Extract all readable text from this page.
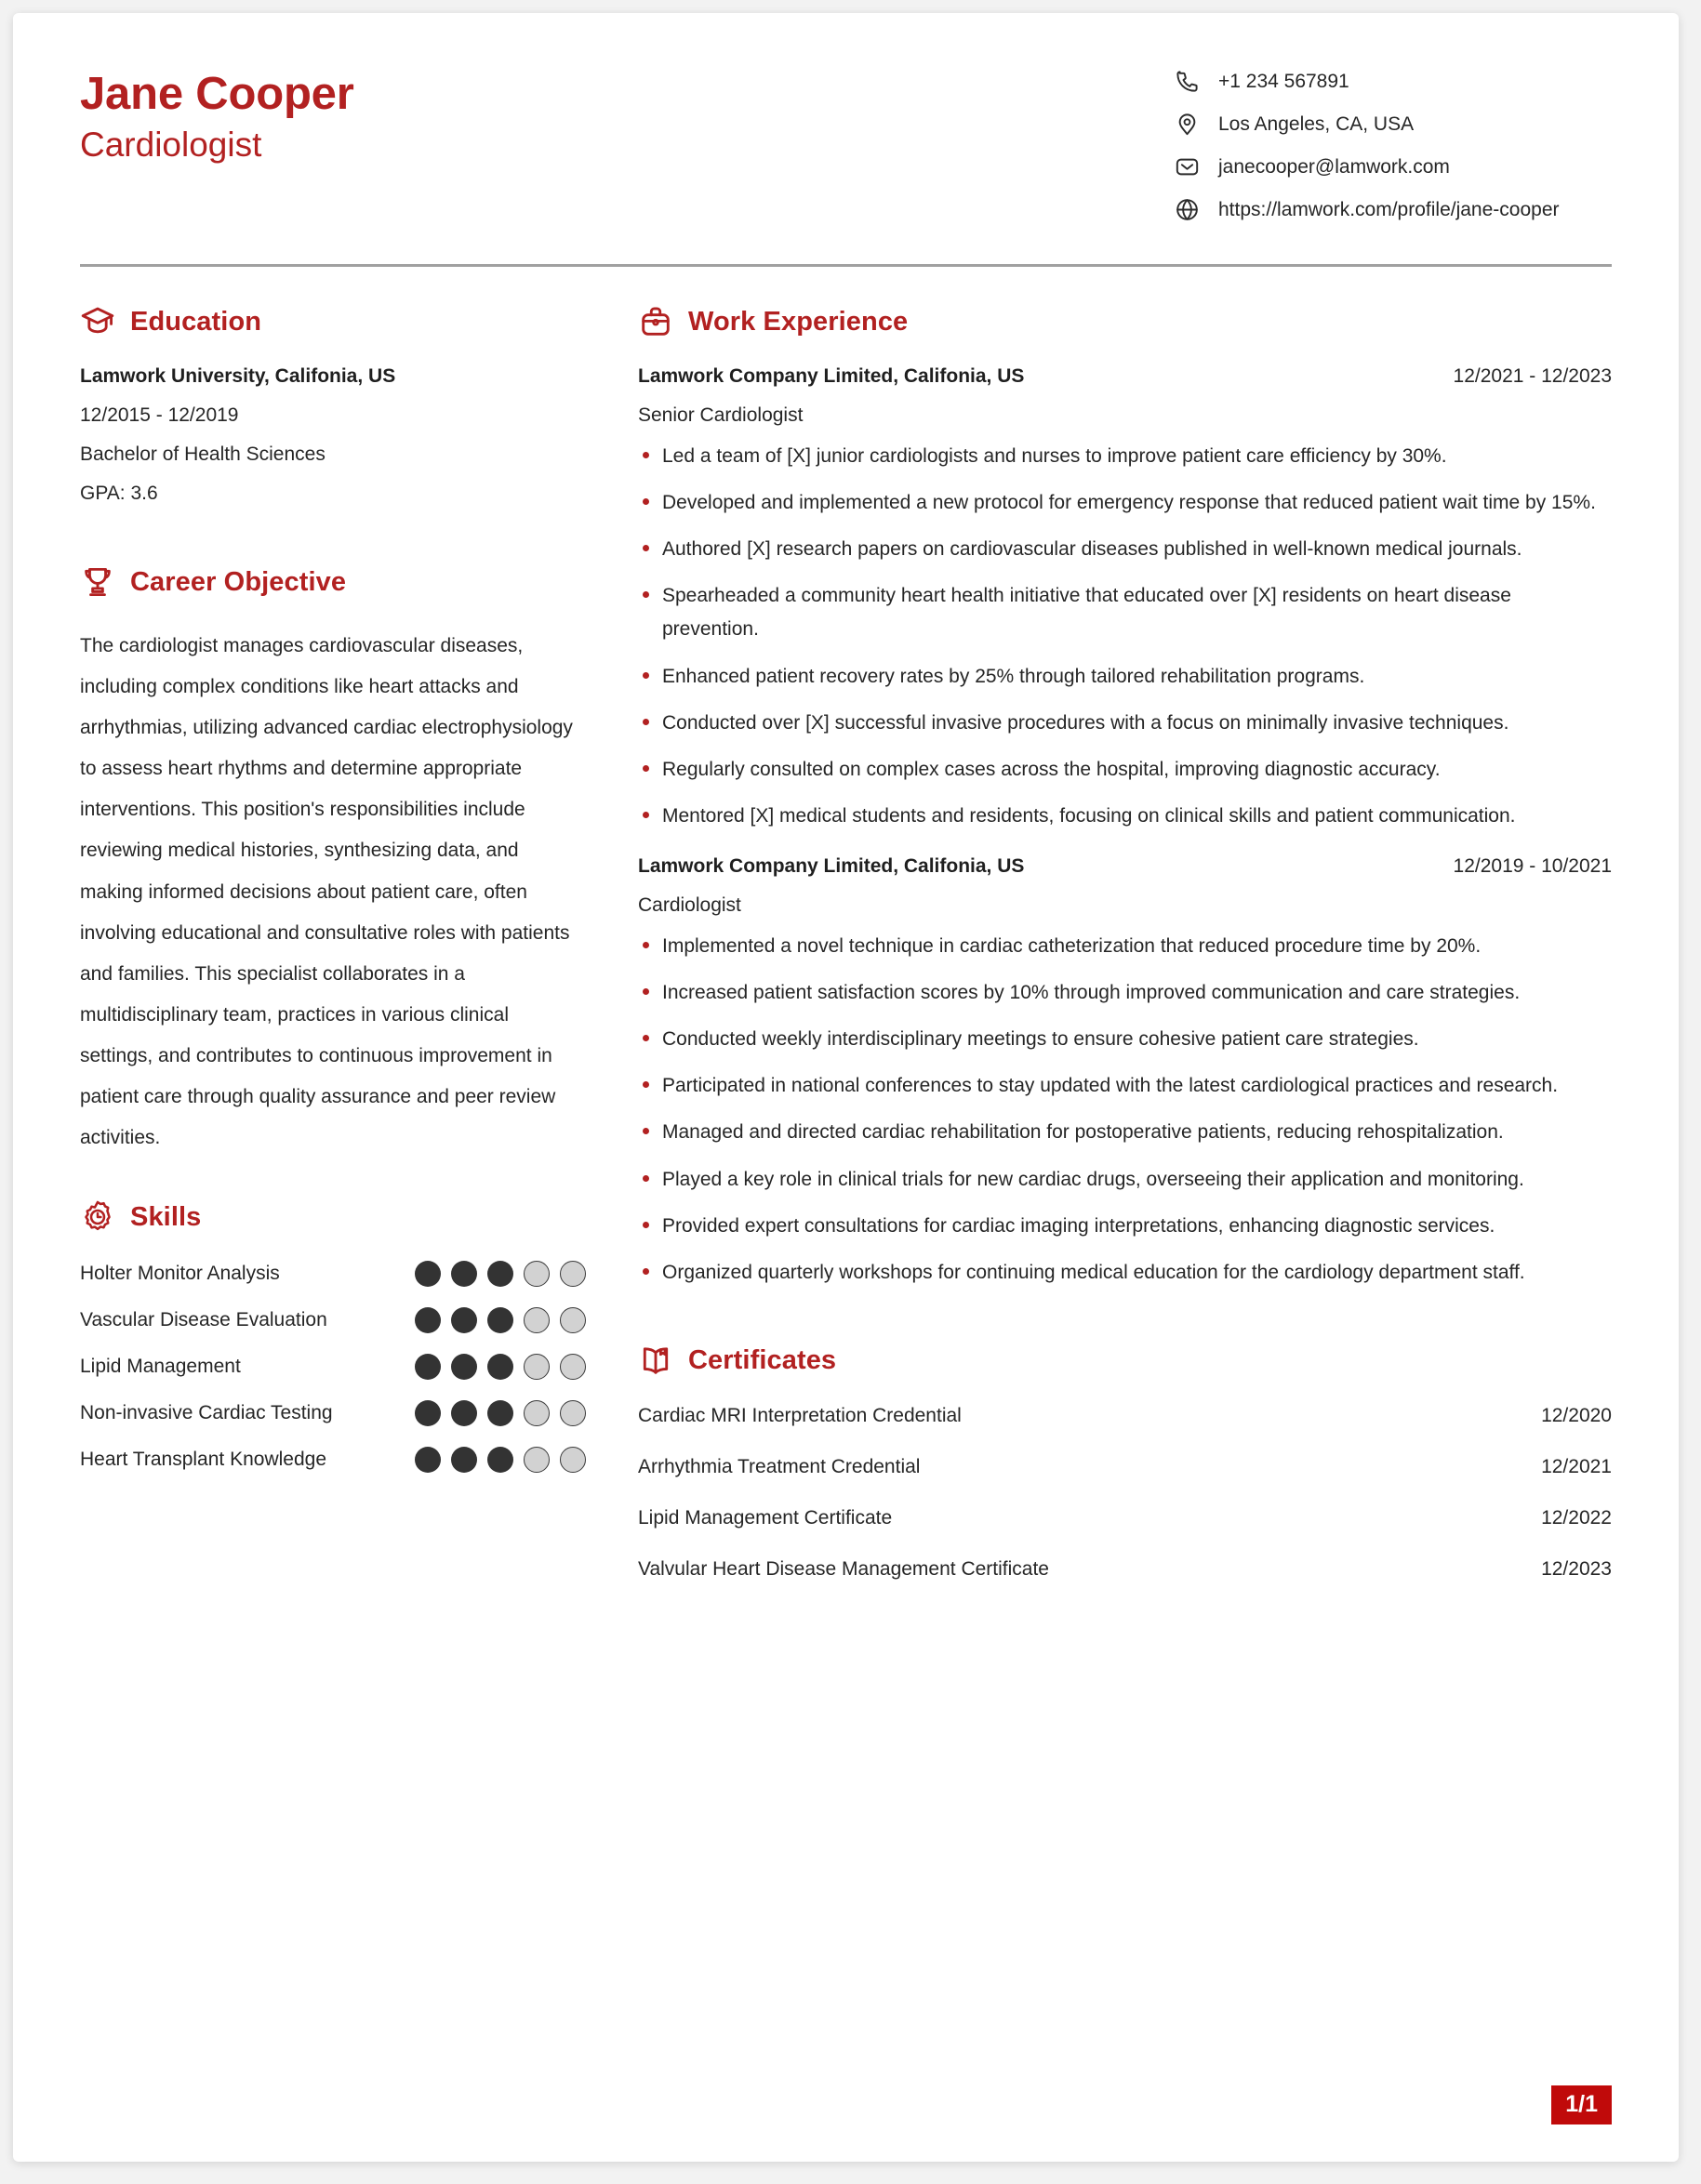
Jane Cooper
Cardiologist
+1 234 567891
Los Angeles, CA, USA
janecooper@lamwork.com
https://lamwork.com/profile/jane-cooper
Education
Lamwork University, Califonia, US
12/2015 - 12/2019
Bachelor of Health Sciences
GPA: 3.6
Career Objective
The cardiologist manages cardiovascular diseases, including complex conditions like heart attacks and arrhythmias, utilizing advanced cardiac electrophysiology to assess heart rhythms and determine appropriate interventions. This position's responsibilities include reviewing medical histories, synthesizing data, and making informed decisions about patient care, often involving educational and consultative roles with patients and families. This specialist collaborates in a multidisciplinary team, practices in various clinical settings, and contributes to continuous improvement in patient care through quality assurance and peer review activities.
Skills
Holter Monitor Analysis
Vascular Disease Evaluation
Lipid Management
Non-invasive Cardiac Testing
Heart Transplant Knowledge
Work Experience
Lamwork Company Limited, Califonia, US	12/2021 - 12/2023
Senior Cardiologist
Led a team of [X] junior cardiologists and nurses to improve patient care efficiency by 30%.
Developed and implemented a new protocol for emergency response that reduced patient wait time by 15%.
Authored [X] research papers on cardiovascular diseases published in well-known medical journals.
Spearheaded a community heart health initiative that educated over [X] residents on heart disease prevention.
Enhanced patient recovery rates by 25% through tailored rehabilitation programs.
Conducted over [X] successful invasive procedures with a focus on minimally invasive techniques.
Regularly consulted on complex cases across the hospital, improving diagnostic accuracy.
Mentored [X] medical students and residents, focusing on clinical skills and patient communication.
Lamwork Company Limited, Califonia, US	12/2019 - 10/2021
Cardiologist
Implemented a novel technique in cardiac catheterization that reduced procedure time by 20%.
Increased patient satisfaction scores by 10% through improved communication and care strategies.
Conducted weekly interdisciplinary meetings to ensure cohesive patient care strategies.
Participated in national conferences to stay updated with the latest cardiological practices and research.
Managed and directed cardiac rehabilitation for postoperative patients, reducing rehospitalization.
Played a key role in clinical trials for new cardiac drugs, overseeing their application and monitoring.
Provided expert consultations for cardiac imaging interpretations, enhancing diagnostic services.
Organized quarterly workshops for continuing medical education for the cardiology department staff.
Certificates
Cardiac MRI Interpretation Credential	12/2020
Arrhythmia Treatment Credential	12/2021
Lipid Management Certificate	12/2022
Valvular Heart Disease Management Certificate	12/2023
1/1
